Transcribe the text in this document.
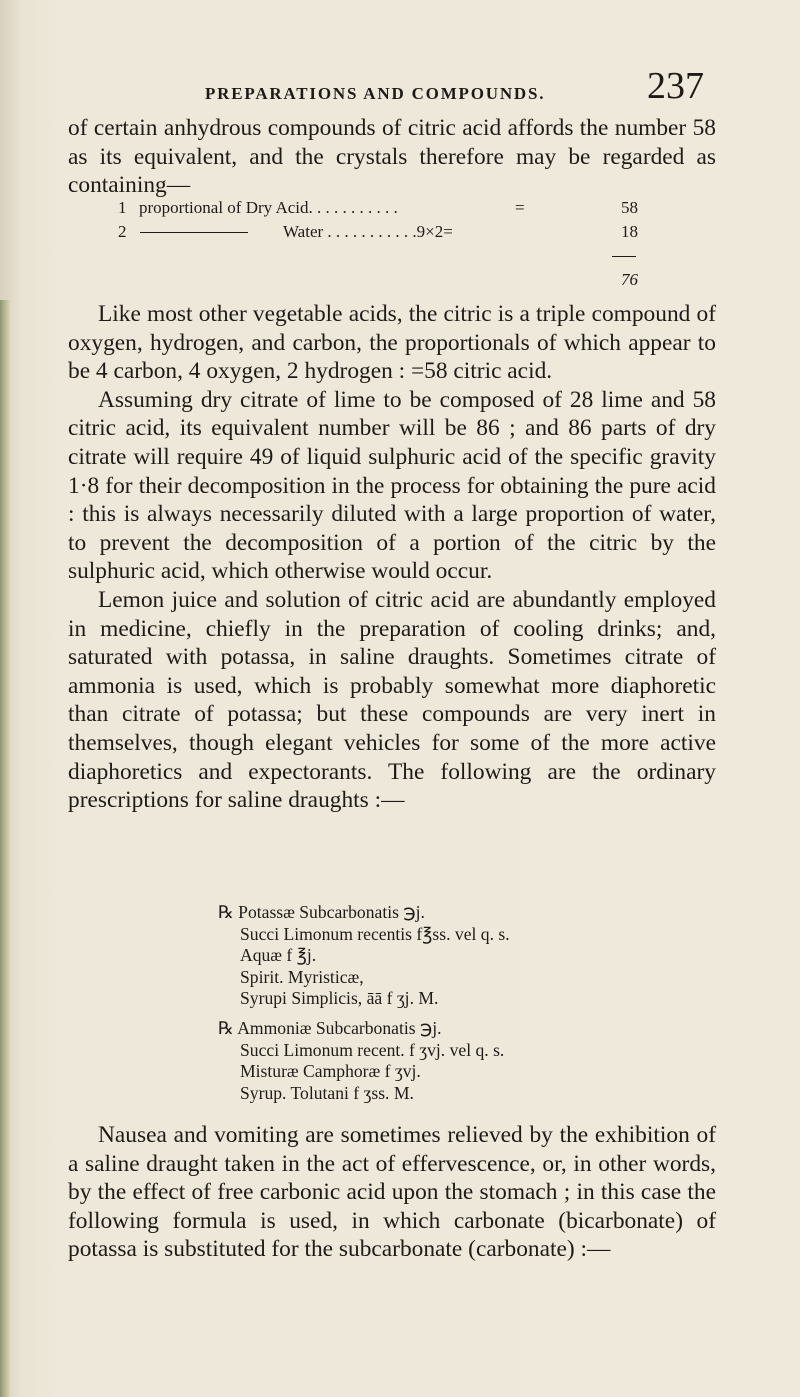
PREPARATIONS AND COMPOUNDS.	237

of certain anhydrous compounds of citric acid affords the number 58 as its equivalent, and the crystals therefore may be regarded as containing—

1 proportional of Dry Acid. . . . . . . . . . .	=	58
2	Water . . . . . . . . . . .9×2=	18
76

Like most other vegetable acids, the citric is a triple compound of oxygen, hydrogen, and carbon, the proportionals of which appear to be 4 carbon, 4 oxygen, 2 hydrogen : =58 citric acid.

Assuming dry citrate of lime to be composed of 28 lime and 58 citric acid, its equivalent number will be 86 ; and 86 parts of dry citrate will require 49 of liquid sulphuric acid of the specific gravity 1·8 for their decomposition in the process for obtaining the pure acid : this is always necessarily diluted with a large proportion of water, to prevent the decomposition of a portion of the citric by the sulphuric acid, which otherwise would occur.

Lemon juice and solution of citric acid are abundantly employed in medicine, chiefly in the preparation of cooling drinks; and, saturated with potassa, in saline draughts. Sometimes citrate of ammonia is used, which is probably somewhat more diaphoretic than citrate of potassa; but these compounds are very inert in themselves, though elegant vehicles for some of the more active diaphoretics and expectorants. The following are the ordinary prescriptions for saline draughts :—

℞ Potassæ Subcarbonatis ℈j.
Succi Limonum recentis f℥ss. vel q. s.
Aquæ f ℥j.
Spirit. Myristicæ,
Syrupi Simplicis, āā f ʒj. M.
℞ Ammoniæ Subcarbonatis ℈j.
Succi Limonum recent. f ʒvj. vel q. s.
Misturæ Camphoræ f ʒvj.
Syrup. Tolutani f ʒss. M.

Nausea and vomiting are sometimes relieved by the exhibition of a saline draught taken in the act of effervescence, or, in other words, by the effect of free carbonic acid upon the stomach ; in this case the following formula is used, in which carbonate (bicarbonate) of potassa is substituted for the subcarbonate (carbonate) :—
